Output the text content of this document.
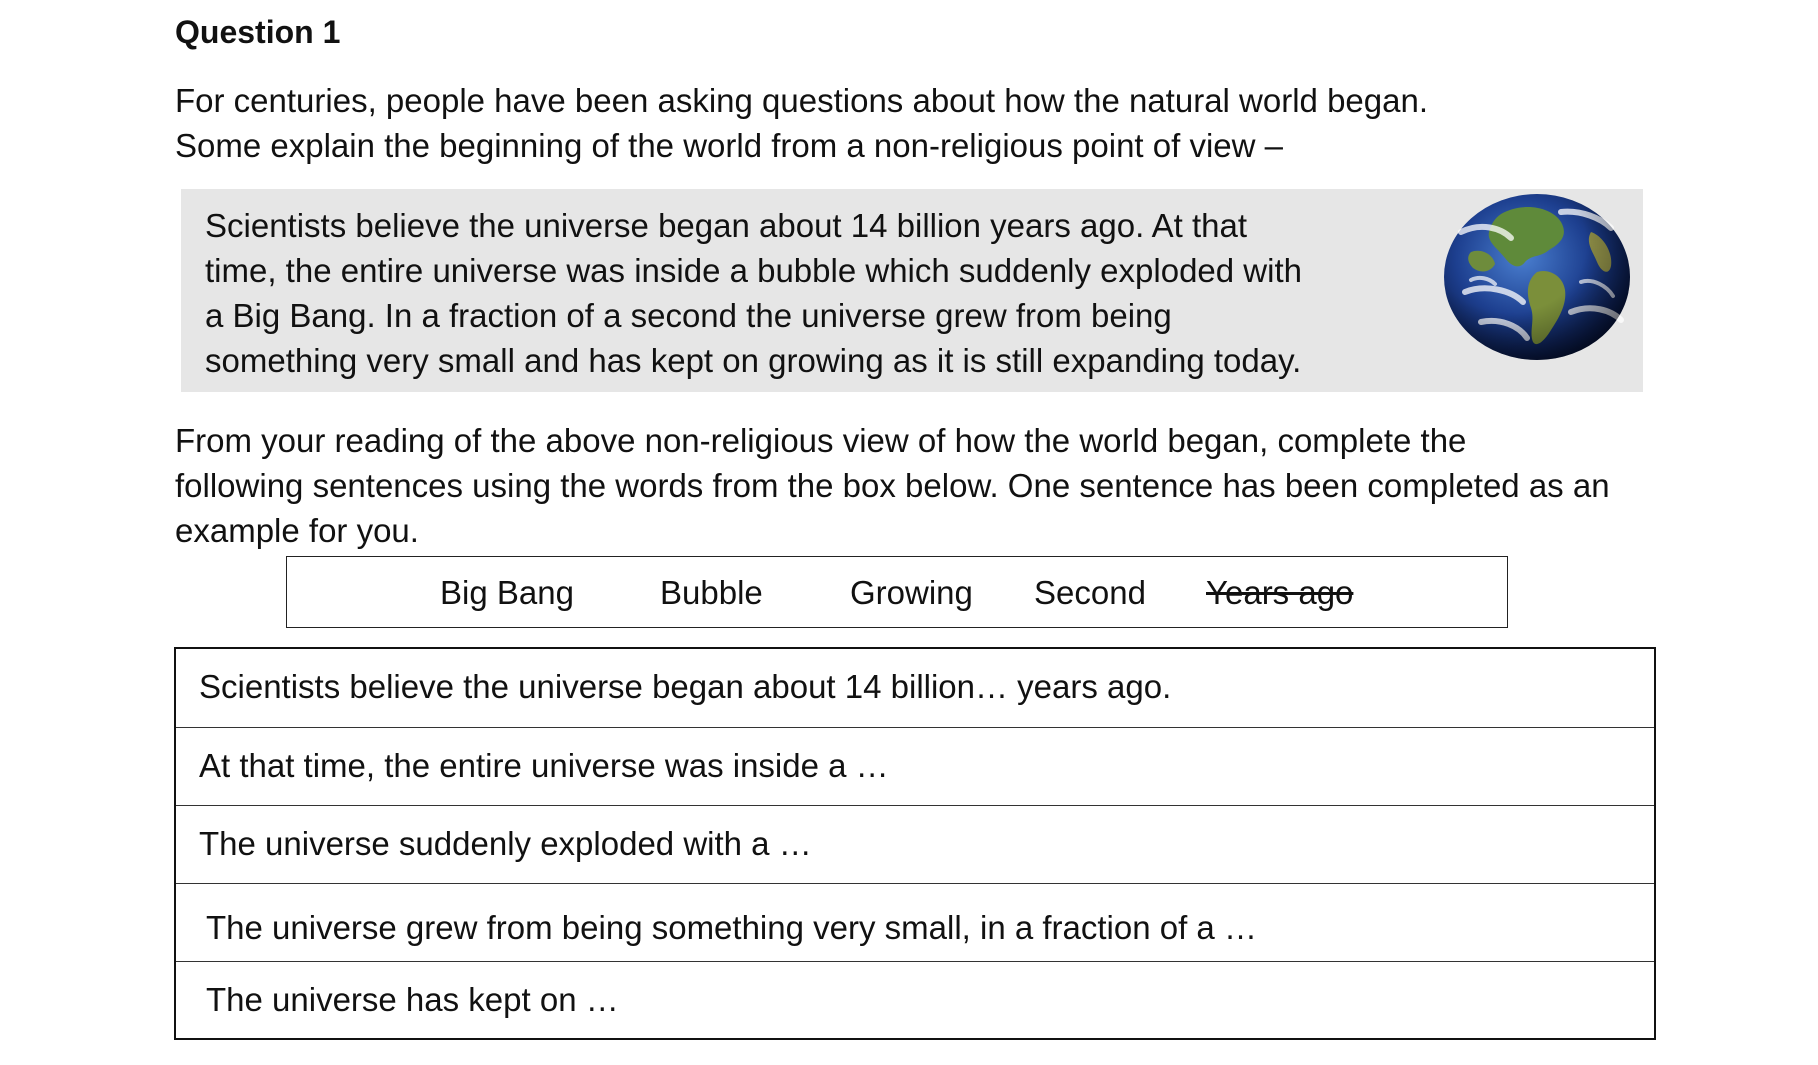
Question 1
For centuries, people have been asking questions about how the natural world began.
Some explain the beginning of the world from a non-religious point of view –
Scientists believe the universe began about 14 billion years ago. At that
time, the entire universe was inside a bubble which suddenly exploded with
a Big Bang. In a fraction of a second the universe grew from being
something very small and has kept on growing as it is still expanding today.
From your reading of the above non-religious view of how the world began, complete the
following sentences using the words from the box below. One sentence has been completed as an
example for you.
Big Bang	Bubble	Growing Second Years ago
Scientists believe the universe began about 14 billion… years ago.
At that time, the entire universe was inside a …
The universe suddenly exploded with a …
The universe grew from being something very small, in a fraction of a …
The universe has kept on …
